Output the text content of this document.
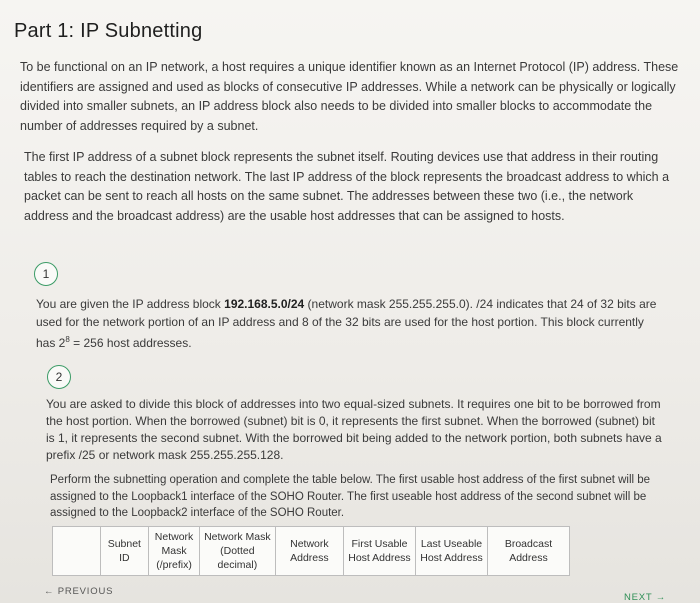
Part 1: IP Subnetting

To be functional on an IP network, a host requires a unique identifier known as an Internet Protocol (IP) address. These identifiers are assigned and used as blocks of consecutive IP addresses. While a network can be physically or logically divided into smaller subnets, an IP address block also needs to be divided into smaller blocks to accommodate the number of addresses required by a subnet.

The first IP address of a subnet block represents the subnet itself. Routing devices use that address in their routing tables to reach the destination network. The last IP address of the block represents the broadcast address to which a packet can be sent to reach all hosts on the same subnet. The addresses between these two (i.e., the network address and the broadcast address) are the usable host addresses that can be assigned to hosts.

1

You are given the IP address block 192.168.5.0/24 (network mask 255.255.255.0). /24 indicates that 24 of 32 bits are used for the network portion of an IP address and 8 of the 32 bits are used for the host portion. This block currently has $2^8 = 256$ host addresses.

2

You are asked to divide this block of addresses into two equal-sized subnets. It requires one bit to be borrowed from the host portion. When the borrowed (subnet) bit is 0, it represents the first subnet. When the borrowed (subnet) bit is 1, it represents the second subnet. With the borrowed bit being added to the network portion, both subnets have a prefix /25 or network mask 255.255.255.128.

Perform the subnetting operation and complete the table below. The first usable host address of the first subnet will be assigned to the Loopback1 interface of the SOHO Router. The first useable host address of the second subnet will be assigned to the Loopback2 interface of the SOHO Router.

	Subnet ID	Network Mask (/prefix)	Network Mask (Dotted decimal)	Network Address	First Usable Host Address	Last Useable Host Address	Broadcast Address
← PREVIOUS
NEXT →
